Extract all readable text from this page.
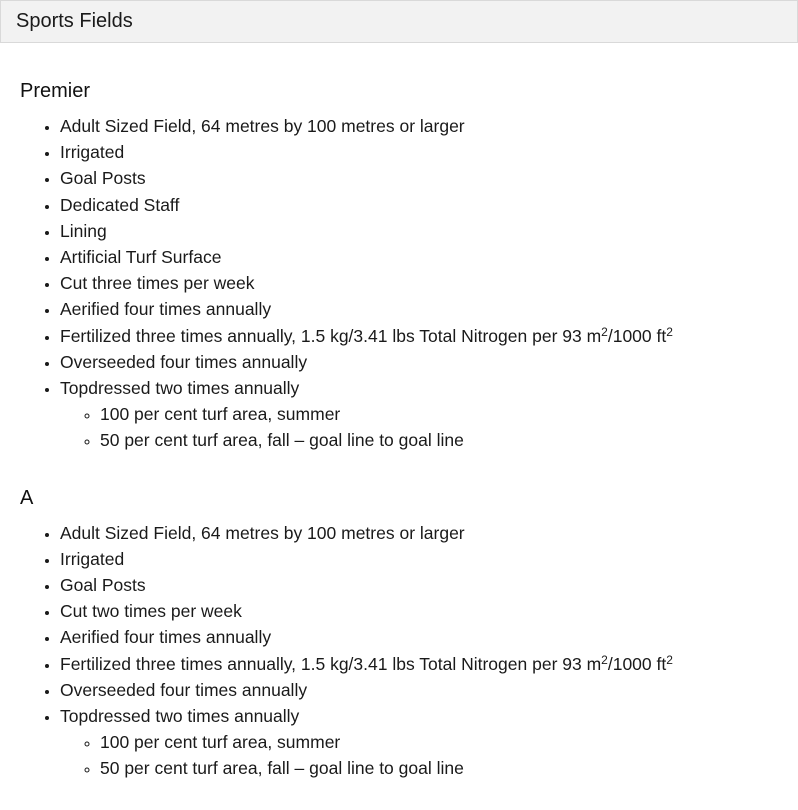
Sports Fields
Premier
• Adult Sized Field, 64 metres by 100 metres or larger
• Irrigated
• Goal Posts
• Dedicated Staff
• Lining
• Artificial Turf Surface
• Cut three times per week
• Aerified four times annually
• Fertilized three times annually, 1.5 kg/3.41 lbs Total Nitrogen per 93 $m^2/1000$ $ft^2$
• Overseeded four times annually
• Topdressed two times annually
◦ 100 per cent turf area, summer
◦ 50 per cent turf area, fall – goal line to goal line
A
• Adult Sized Field, 64 metres by 100 metres or larger
• Irrigated
• Goal Posts
• Cut two times per week
• Aerified four times annually
• Fertilized three times annually, 1.5 kg/3.41 lbs Total Nitrogen per 93 $m^2/1000$ $ft^2$
• Overseeded four times annually
• Topdressed two times annually
◦ 100 per cent turf area, summer
◦ 50 per cent turf area, fall – goal line to goal line
